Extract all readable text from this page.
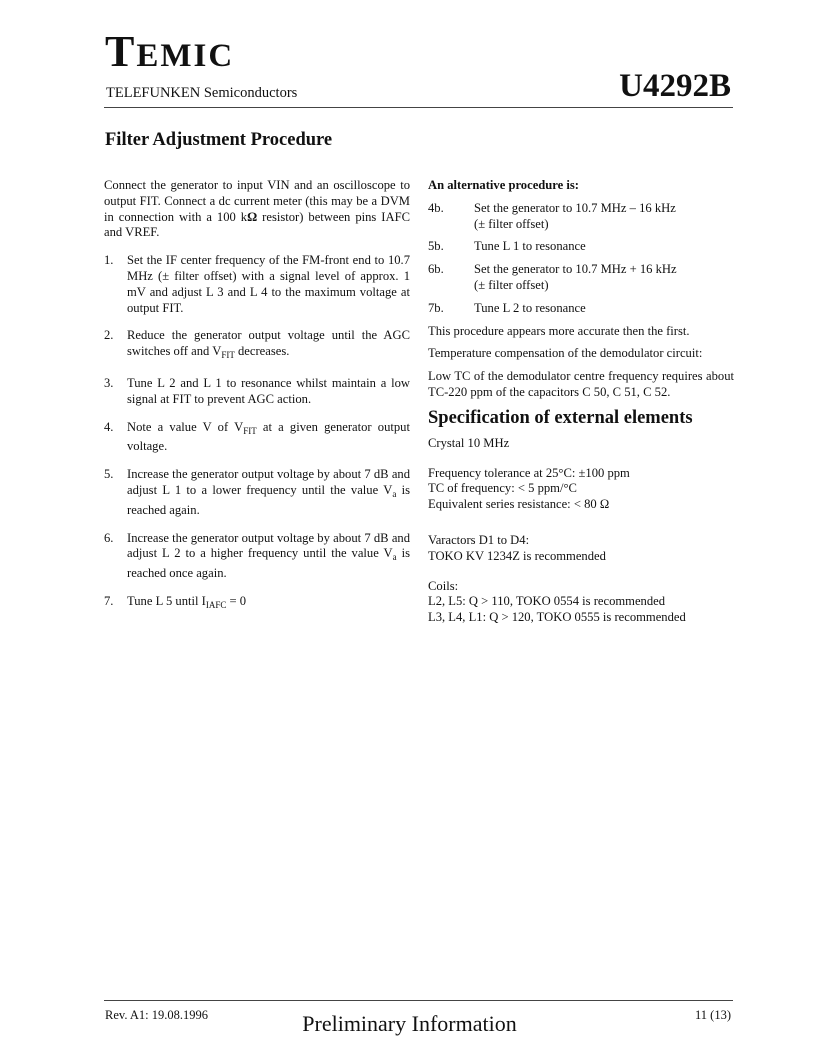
TEMIC
TELEFUNKEN Semiconductors	U4292B
Filter Adjustment Procedure

Connect the generator to input VIN and an oscilloscope to output FIT. Connect a dc current meter (this may be a DVM in connection with a 100 kΩ resistor) between pins IAFC and VREF.

1.	Set the IF center frequency of the FM-front end to 10.7 MHz (± filter offset) with a signal level of approx. 1 mV and adjust L 3 and L 4 to the maximum voltage at output FIT.
2.	Reduce the generator output voltage until the AGC switches off and $V_{FIT}$ decreases.
3.	Tune L 2 and L 1 to resonance whilst maintain a low signal at FIT to prevent AGC action.
4.	Note a value V of $V_{FIT}$ at a given generator output voltage.
5.	Increase the generator output voltage by about 7 dB and adjust L 1 to a lower frequency until the value $V_a$ is reached again.
6.	Increase the generator output voltage by about 7 dB and adjust L 2 to a higher frequency until the value $V_a$ is reached once again.
7.	Tune L 5 until $I_{IAFC} = 0$
An alternative procedure is:
4b.	Set the generator to 10.7 MHz – 16 kHz
(± filter offset)
5b.	Tune L 1 to resonance
6b.	Set the generator to 10.7 MHz + 16 kHz
(± filter offset)
7b.	Tune L 2 to resonance
This procedure appears more accurate then the first.
Temperature compensation of the demodulator circuit:
Low TC of the demodulator centre frequency requires about TC-220 ppm of the capacitors C 50, C 51, C 52.
Specification of external elements
Crystal 10 MHz
Frequency tolerance at 25°C: ±100 ppm
TC of frequency: < 5 ppm/°C
Equivalent series resistance: < 80 Ω
Varactors D1 to D4:
TOKO KV 1234Z is recommended
Coils:
L2, L5: Q > 110, TOKO 0554 is recommended
L3, L4, L1: Q > 120, TOKO 0555 is recommended
Rev. A1: 19.08.1996	Preliminary Information	11 (13)
